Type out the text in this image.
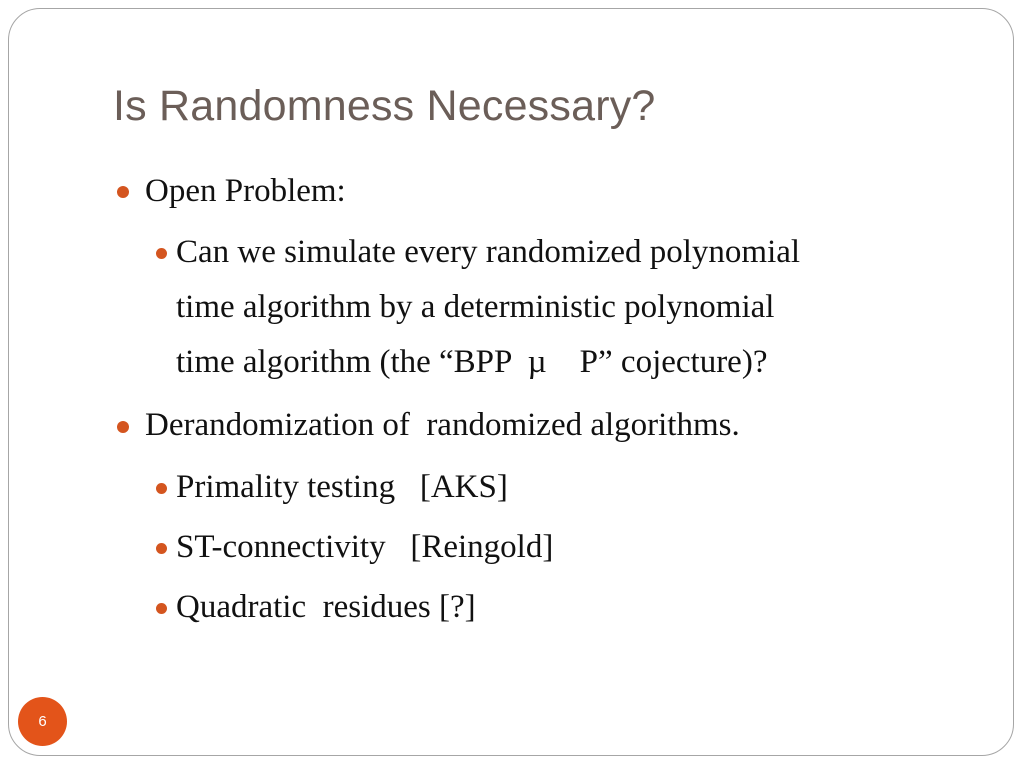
Is Randomness Necessary?
Open Problem:
Can we simulate every randomized polynomial
time algorithm by a deterministic polynomial
time algorithm (the “BPP  µ    P” cojecture)?
Derandomization of  randomized algorithms.
Primality testing   [AKS]
ST-connectivity   [Reingold]
Quadratic  residues [?]
6
